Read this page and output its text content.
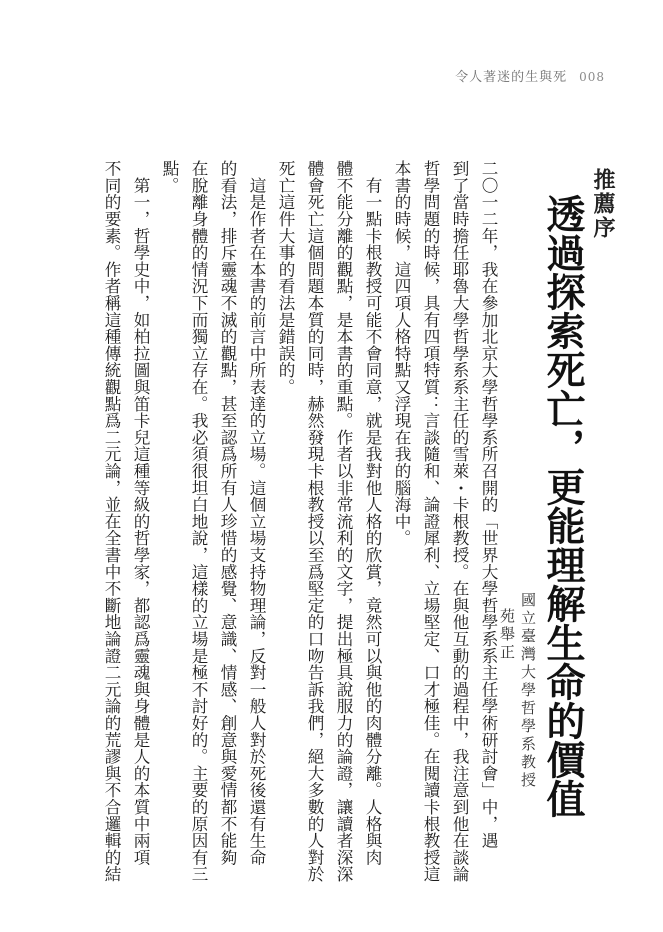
令人著迷的生與死 008
推薦序
透過探索死亡，更能理解生命的價值
國立臺灣大學哲學系教授
苑舉正
二〇一二年，我在參加北京大學哲學系所召開的「世界大學哲學系系主任學術研討會」中，遇
到了當時擔任耶魯大學哲學系系主任的雪萊・卡根教授。在與他互動的過程中，我注意到他在談論
哲學問題的時候，具有四項特質：言談隨和、論證犀利、立場堅定、口才極佳。在閱讀卡根教授這
本書的時候，這四項人格特點又浮現在我的腦海中。
　有一點卡根教授可能不會同意，就是我對他人格的欣賞，竟然可以與他的肉體分離。人格與肉
體不能分離的觀點，是本書的重點。作者以非常流利的文字，提出極具說服力的論證，讓讀者深深
體會死亡這個問題本質的同時，赫然發現卡根教授以至爲堅定的口吻告訴我們，絕大多數的人對於
死亡這件大事的看法是錯誤的。
　這是作者在本書的前言中所表達的立場。這個立場支持物理論，反對一般人對於死後還有生命
的看法，排斥靈魂不滅的觀點，甚至認爲所有人珍惜的感覺、意識、情感、創意與愛情都不能夠
在脫離身體的情況下而獨立存在。我必須很坦白地說，這樣的立場是極不討好的。主要的原因有三
點。
　第一，哲學史中，如柏拉圖與笛卡兒這種等級的哲學家，都認爲靈魂與身體是人的本質中兩項
不同的要素。作者稱這種傳統觀點爲二元論，並在全書中不斷地論證二元論的荒謬與不合邏輯的結
